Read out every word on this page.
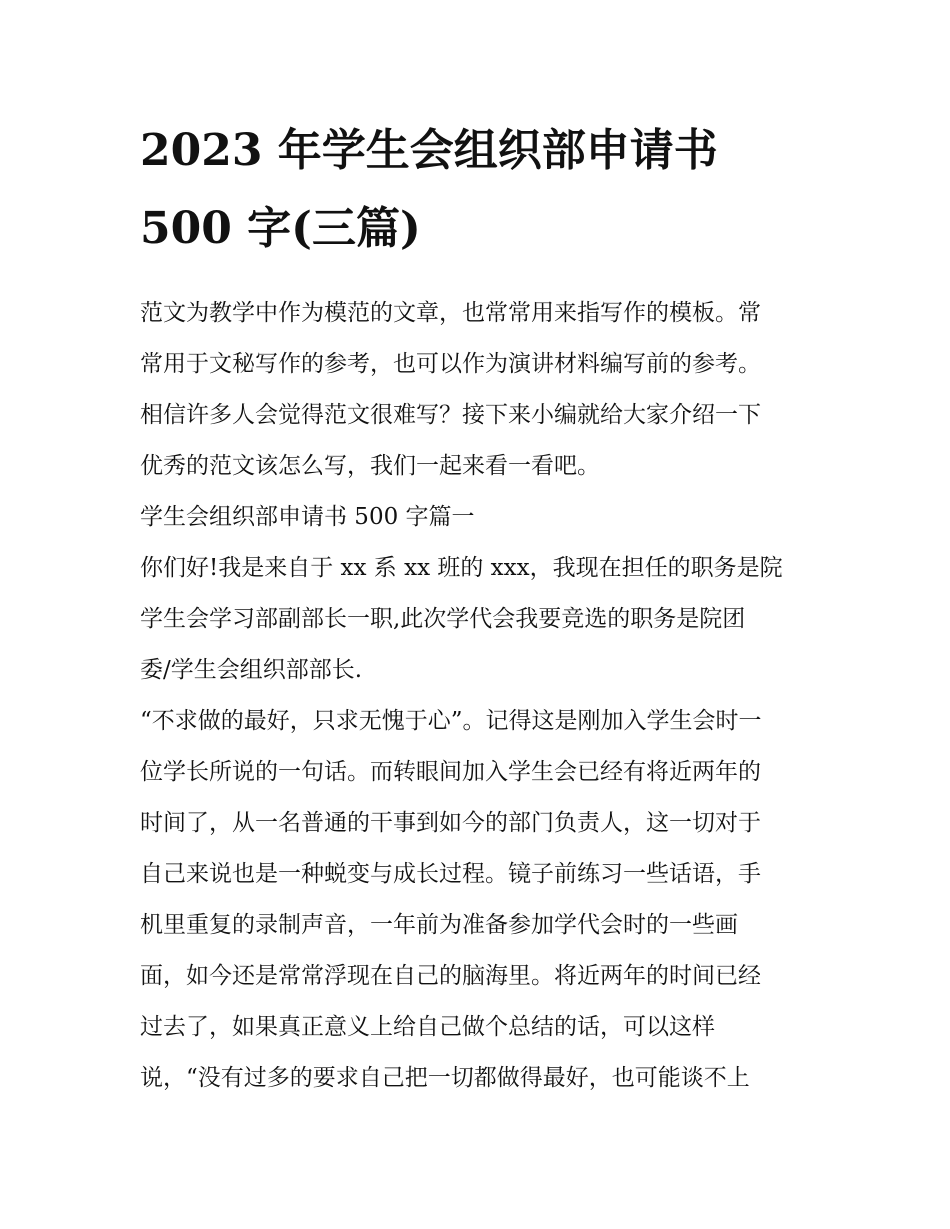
2023 年学生会组织部申请书
500 字(三篇)
范文为教学中作为模范的文章，也常常用来指写作的模板。常
常用于文秘写作的参考，也可以作为演讲材料编写前的参考。
相信许多人会觉得范文很难写？接下来小编就给大家介绍一下
优秀的范文该怎么写，我们一起来看一看吧。
学生会组织部申请书 500 字篇一
你们好!我是来自于 xx 系 xx 班的 xxx，我现在担任的职务是院
学生会学习部副部长一职,此次学代会我要竞选的职务是院团
委/学生会组织部部长.
“不求做的最好，只求无愧于心”。记得这是刚加入学生会时一
位学长所说的一句话。而转眼间加入学生会已经有将近两年的
时间了，从一名普通的干事到如今的部门负责人，这一切对于
自己来说也是一种蜕变与成长过程。镜子前练习一些话语，手
机里重复的录制声音，一年前为准备参加学代会时的一些画
面，如今还是常常浮现在自己的脑海里。将近两年的时间已经
过去了，如果真正意义上给自己做个总结的话，可以这样
说，“没有过多的要求自己把一切都做得最好，也可能谈不上
